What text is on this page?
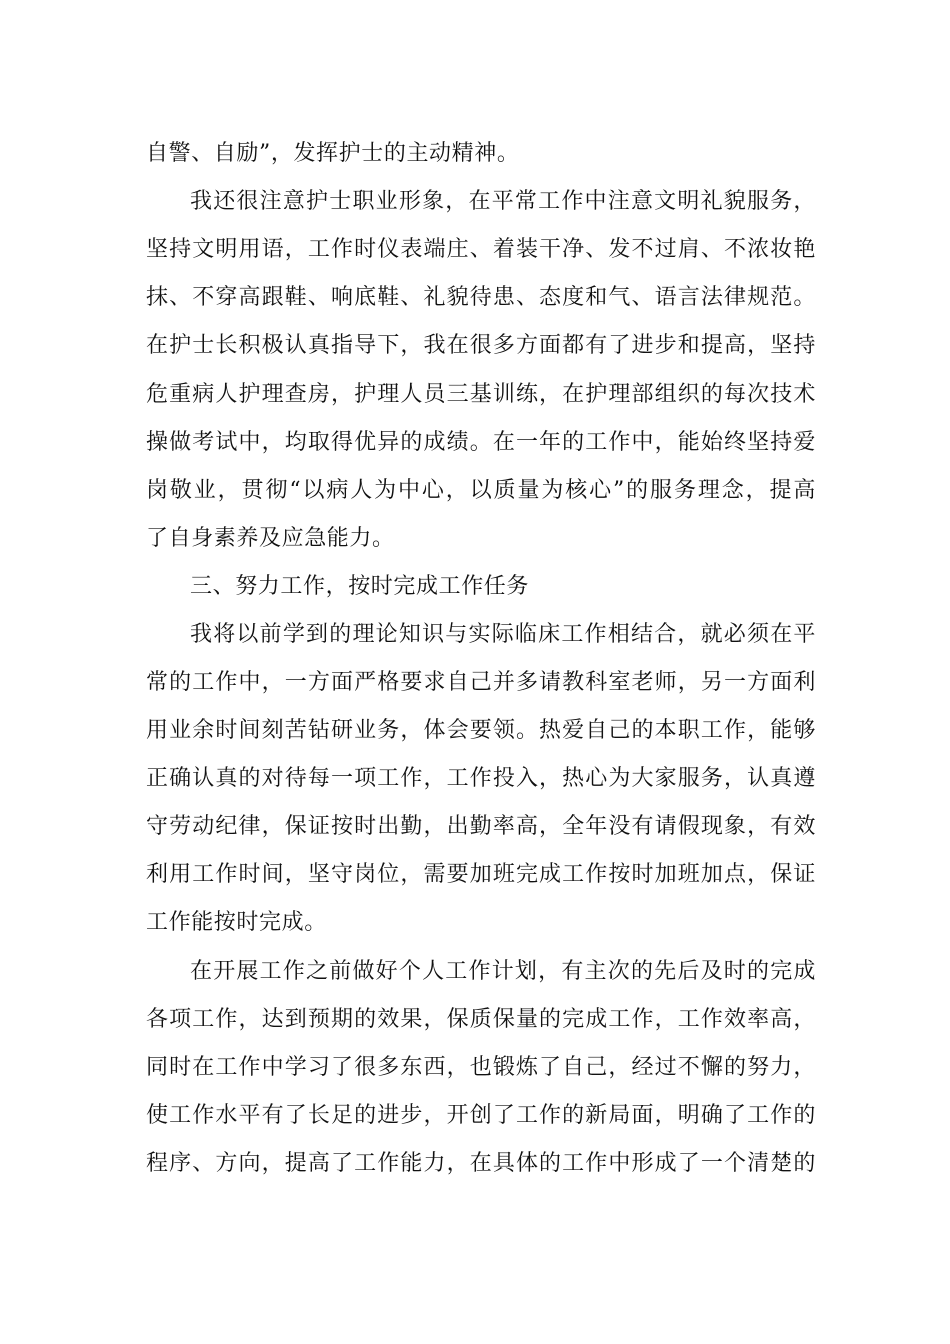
自警、自励”，发挥护士的主动精神。
我还很注意护士职业形象，在平常工作中注意文明礼貌服务，
坚持文明用语，工作时仪表端庄、着装干净、发不过肩、不浓妆艳
抹、不穿高跟鞋、响底鞋、礼貌待患、态度和气、语言法律规范。
在护士长积极认真指导下，我在很多方面都有了进步和提高，坚持
危重病人护理查房，护理人员三基训练，在护理部组织的每次技术
操做考试中，均取得优异的成绩。在一年的工作中，能始终坚持爱
岗敬业，贯彻“以病人为中心，以质量为核心”的服务理念，提高
了自身素养及应急能力。
三、努力工作，按时完成工作任务
我将以前学到的理论知识与实际临床工作相结合，就必须在平
常的工作中，一方面严格要求自己并多请教科室老师，另一方面利
用业余时间刻苦钻研业务，体会要领。热爱自己的本职工作，能够
正确认真的对待每一项工作，工作投入，热心为大家服务，认真遵
守劳动纪律，保证按时出勤，出勤率高，全年没有请假现象，有效
利用工作时间，坚守岗位，需要加班完成工作按时加班加点，保证
工作能按时完成。
在开展工作之前做好个人工作计划，有主次的先后及时的完成
各项工作，达到预期的效果，保质保量的完成工作，工作效率高，
同时在工作中学习了很多东西，也锻炼了自己，经过不懈的努力，
使工作水平有了长足的进步，开创了工作的新局面，明确了工作的
程序、方向，提高了工作能力，在具体的工作中形成了一个清楚的
